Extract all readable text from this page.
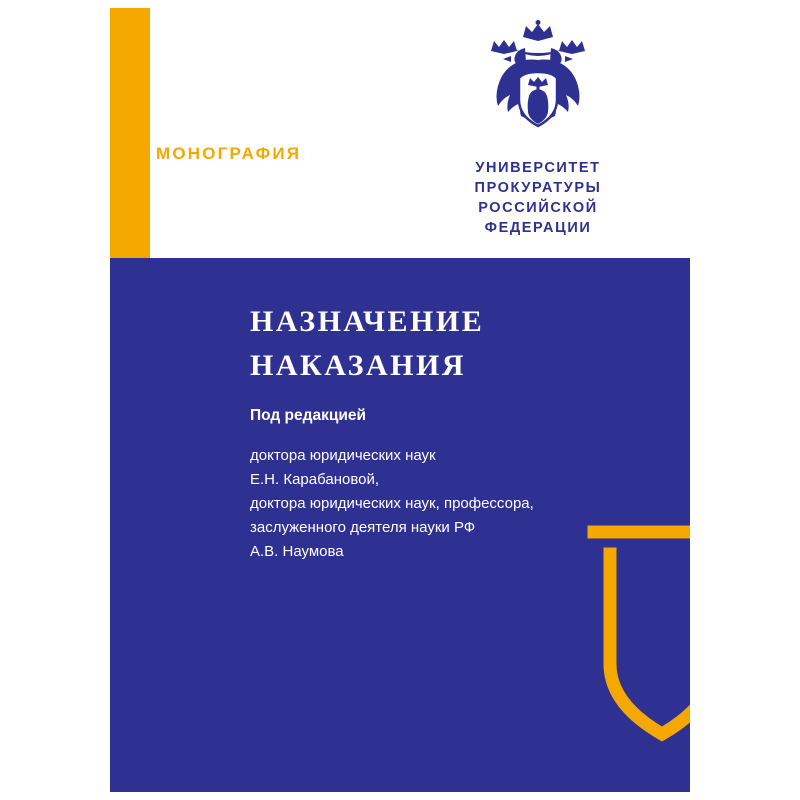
МОНОГРАФИЯ
УНИВЕРСИТЕТ
ПРОКУРАТУРЫ
РОССИЙСКОЙ
ФЕДЕРАЦИИ
НАЗНАЧЕНИЕ
НАКАЗАНИЯ
Под редакцией
доктора юридических наук
Е.Н. Карабановой,
доктора юридических наук, профессора,
заслуженного деятеля науки РФ
А.В. Наумова
ИЗДАТЕЛЬСКИЙ ДОМ
ГОРОДЕЦ
